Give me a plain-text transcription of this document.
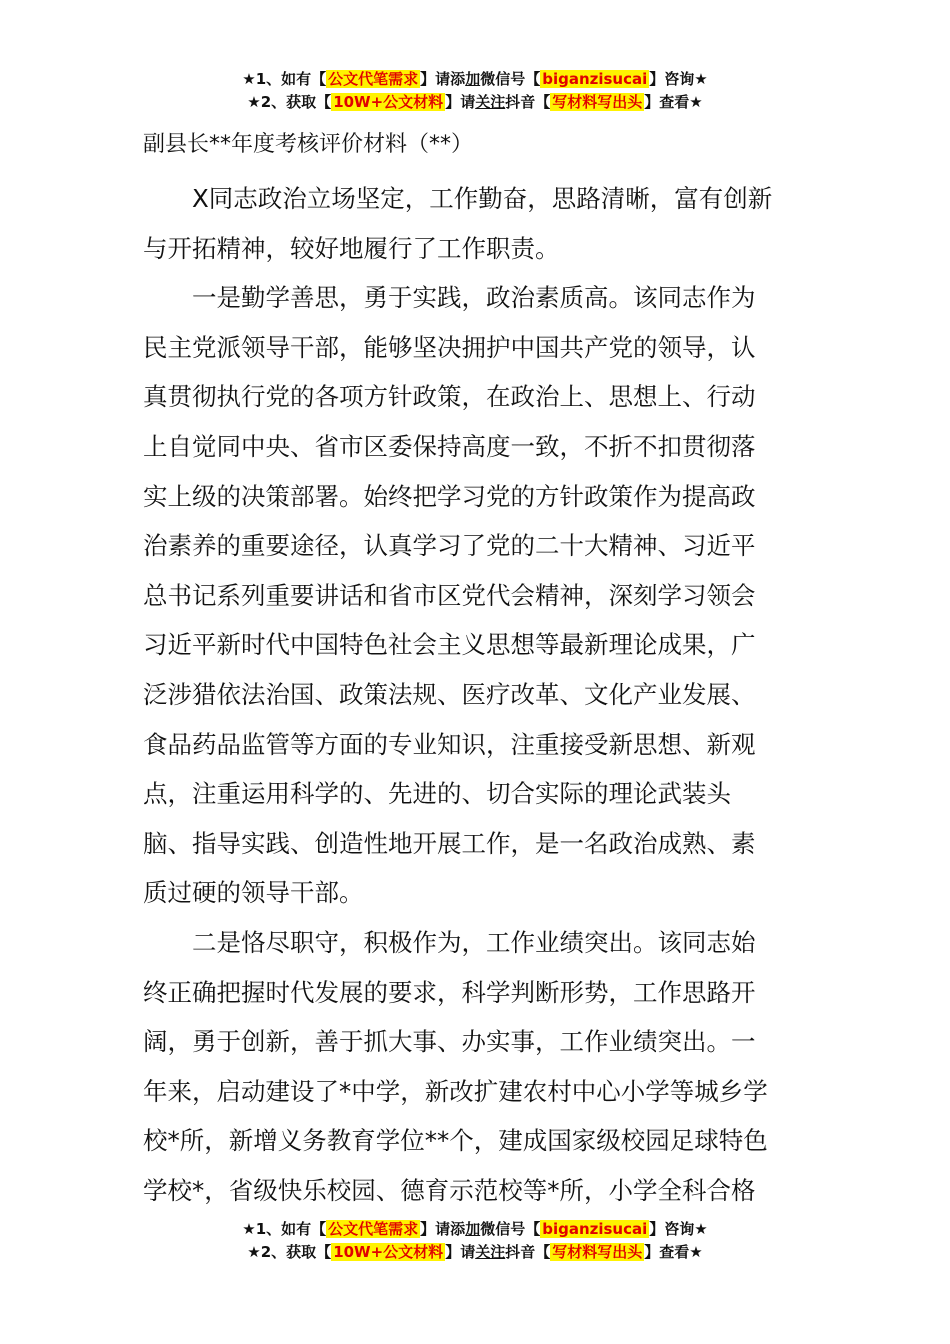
★1、如有【 公文代笔需求 】请添加微信号【 biganzisucai 】咨询★
★2、获取【 10W+公文材料 】请关注抖音【 写材料写出头 】查看★
副县长**年度考核评价材料（**）

X同志政治立场坚定，工作勤奋，思路清晰，富有创新
与开拓精神，较好地履行了工作职责。

一是勤学善思，勇于实践，政治素质高。该同志作为
民主党派领导干部，能够坚决拥护中国共产党的领导，认
真贯彻执行党的各项方针政策，在政治上、思想上、行动
上自觉同中央、省市区委保持高度一致，不折不扣贯彻落
实上级的决策部署。始终把学习党的方针政策作为提高政
治素养的重要途径，认真学习了党的二十大精神、习近平
总书记系列重要讲话和省市区党代会精神，深刻学习领会
习近平新时代中国特色社会主义思想等最新理论成果，广
泛涉猎依法治国、政策法规、医疗改革、文化产业发展、
食品药品监管等方面的专业知识，注重接受新思想、新观
点，注重运用科学的、先进的、切合实际的理论武装头
脑、指导实践、创造性地开展工作，是一名政治成熟、素
质过硬的领导干部。

二是恪尽职守，积极作为，工作业绩突出。该同志始
终正确把握时代发展的要求，科学判断形势，工作思路开
阔，勇于创新，善于抓大事、办实事，工作业绩突出。一
年来，启动建设了*中学，新改扩建农村中心小学等城乡学
校*所，新增义务教育学位**个，建成国家级校园足球特色
学校*，省级快乐校园、德育示范校等*所，小学全科合格

★1、如有【 公文代笔需求 】请添加微信号【 biganzisucai 】咨询★
★2、获取【 10W+公文材料 】请关注抖音【 写材料写出头 】查看★
